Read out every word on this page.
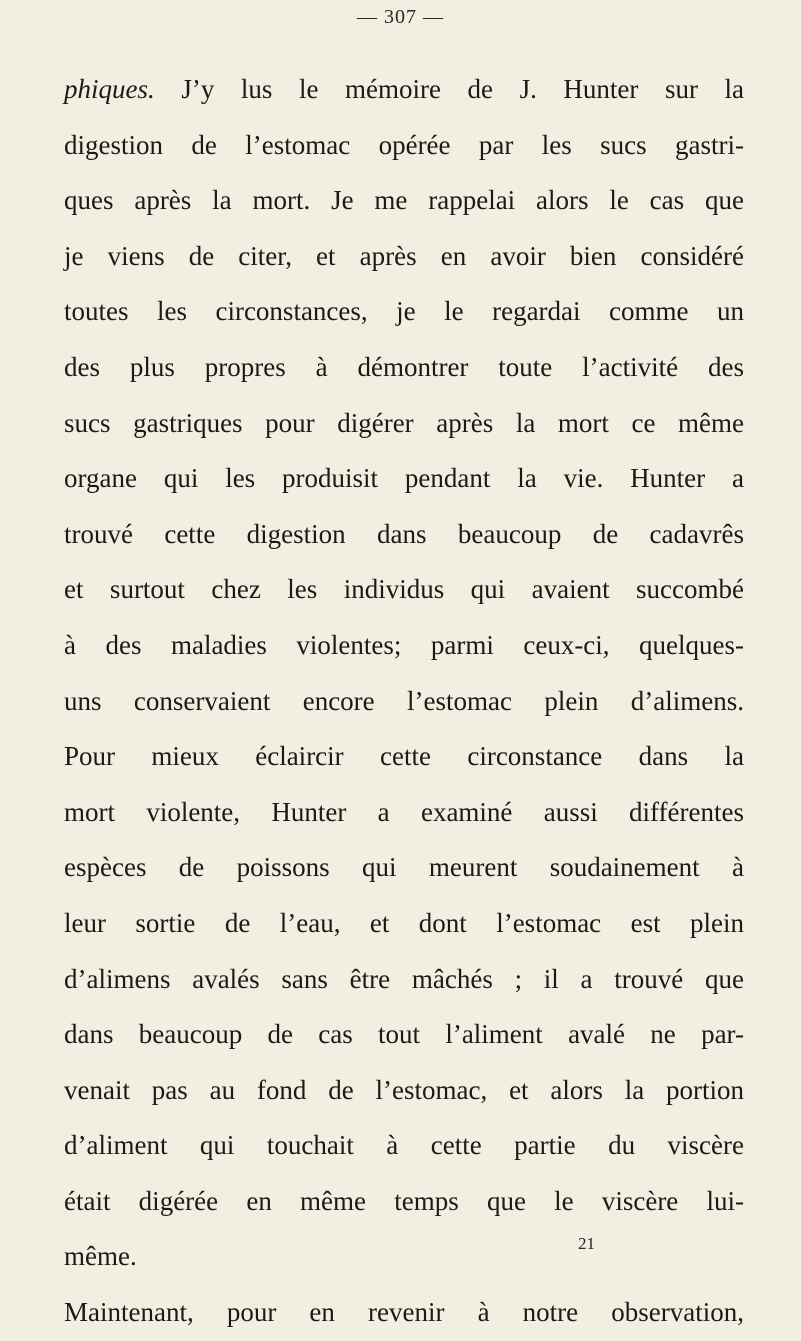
— 307 —
phiques. J’y lus le mémoire de J. Hunter sur la
digestion de l’estomac opérée par les sucs gastri-
ques après la mort. Je me rappelai alors le cas que
je viens de citer, et après en avoir bien considéré
toutes les circonstances, je le regardai comme un
des plus propres à démontrer toute l’activité des
sucs gastriques pour digérer après la mort ce même
organe qui les produisit pendant la vie. Hunter a
trouvé cette digestion dans beaucoup de cadavrês
et surtout chez les individus qui avaient succombé
à des maladies violentes; parmi ceux-ci, quelques-
uns conservaient encore l’estomac plein d’alimens.
Pour mieux éclaircir cette circonstance dans la
mort violente, Hunter a examiné aussi différentes
espèces de poissons qui meurent soudainement à
leur sortie de l’eau, et dont l’estomac est plein
d’alimens avalés sans être mâchés ; il a trouvé que
dans beaucoup de cas tout l’aliment avalé ne par-
venait pas au fond de l’estomac, et alors la portion
d’aliment qui touchait à cette partie du viscère
était digérée en même temps que le viscère lui-
même.
Maintenant, pour en revenir à notre observation,
21
